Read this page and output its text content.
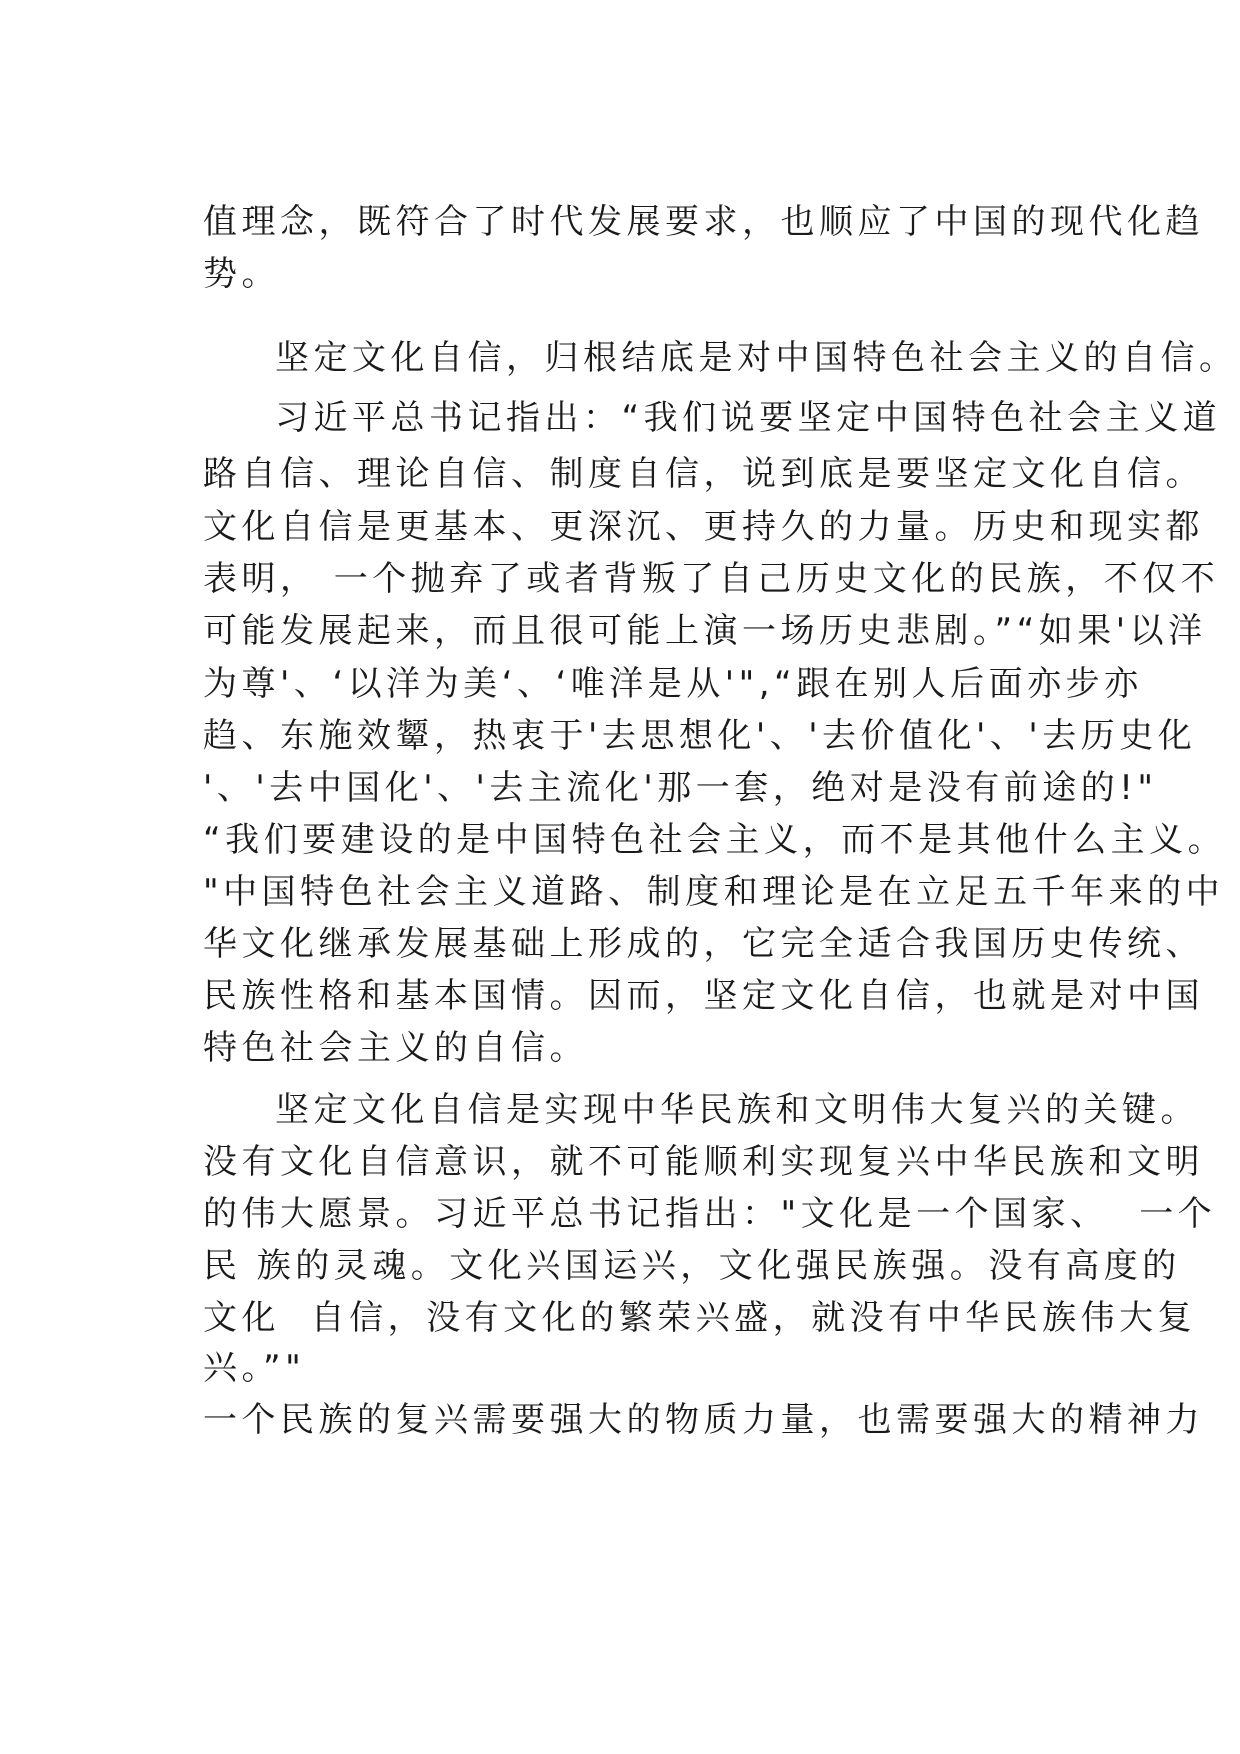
值理念，既符合了时代发展要求，也顺应了中国的现代化趋
势。
坚定文化自信，归根结底是对中国特色社会主义的自信。
习近平总书记指出：“我们说要坚定中国特色社会主义道
路自信、理论自信、制度自信，说到底是要坚定文化自信。
文化自信是更基本、更深沉、更持久的力量。历史和现实都
表明， 一个抛弃了或者背叛了自己历史文化的民族，不仅不
可能发展起来，而且很可能上演一场历史悲剧。”“如果'以洋
为尊'、‘以洋为美‘、‘唯洋是从'",“跟在别人后面亦步亦
趋、东施效颦，热衷于'去思想化'、'去价值化'、'去历史化
'、'去中国化'、'去主流化'那一套，绝对是没有前途的!"
“我们要建设的是中国特色社会主义，而不是其他什么主义。
"中国特色社会主义道路、制度和理论是在立足五千年来的中
华文化继承发展基础上形成的，它完全适合我国历史传统、
民族性格和基本国情。因而，坚定文化自信，也就是对中国
特色社会主义的自信。
坚定文化自信是实现中华民族和文明伟大复兴的关键。
没有文化自信意识，就不可能顺利实现复兴中华民族和文明
的伟大愿景。习近平总书记指出："文化是一个国家、  一个
民 族的灵魂。文化兴国运兴，文化强民族强。没有高度的
文化  自信，没有文化的繁荣兴盛，就没有中华民族伟大复
兴。”"
一个民族的复兴需要强大的物质力量，也需要强大的精神力
